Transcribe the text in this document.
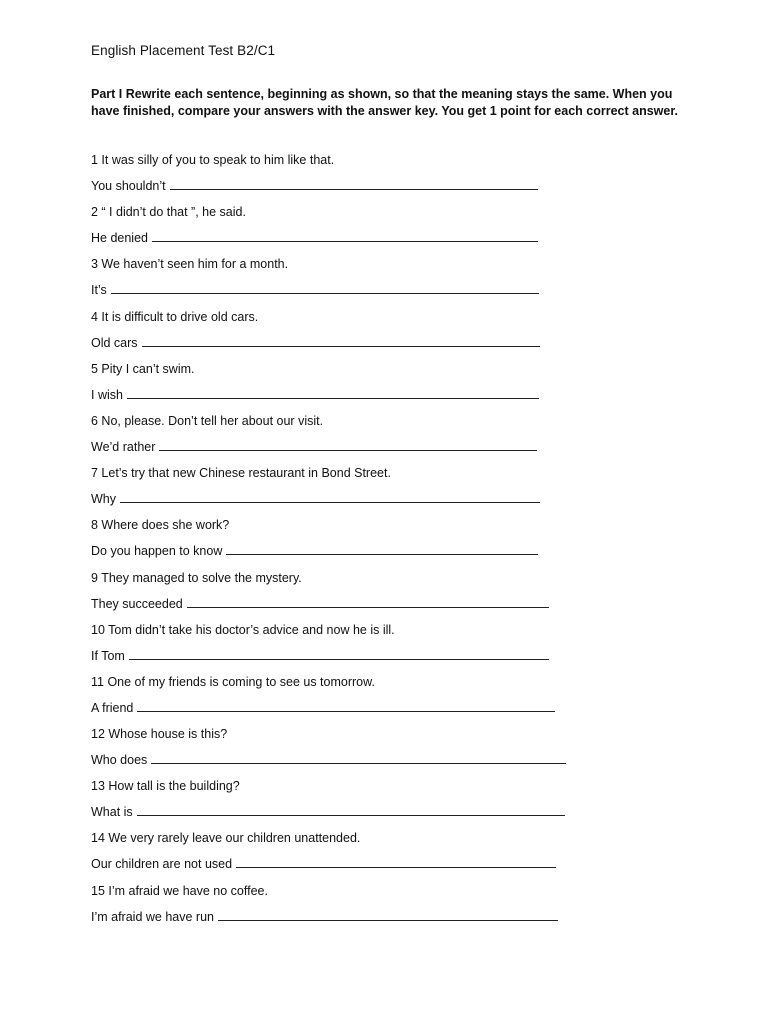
English Placement Test B2/C1
Part I Rewrite each sentence, beginning as shown, so that the meaning stays the same. When you have finished, compare your answers with the answer key. You get 1 point for each correct answer.
1 It was silly of you to speak to him like that.
You shouldn’t
2 “ I didn’t do that ”, he said.
He denied
3 We haven’t seen him for a month.
It’s
4 It is difficult to drive old cars.
Old cars
5 Pity I can’t swim.
I wish
6 No, please. Don’t tell her about our visit.
We’d rather
7 Let’s try that new Chinese restaurant in Bond Street.
Why
8 Where does she work?
Do you happen to know
9 They managed to solve the mystery.
They succeeded
10 Tom didn’t take his doctor’s advice and now he is ill.
If Tom
11 One of my friends is coming to see us tomorrow.
A friend
12 Whose house is this?
Who does
13 How tall is the building?
What is
14 We very rarely leave our children unattended.
Our children are not used
15 I’m afraid we have no coffee.
I’m afraid we have run
